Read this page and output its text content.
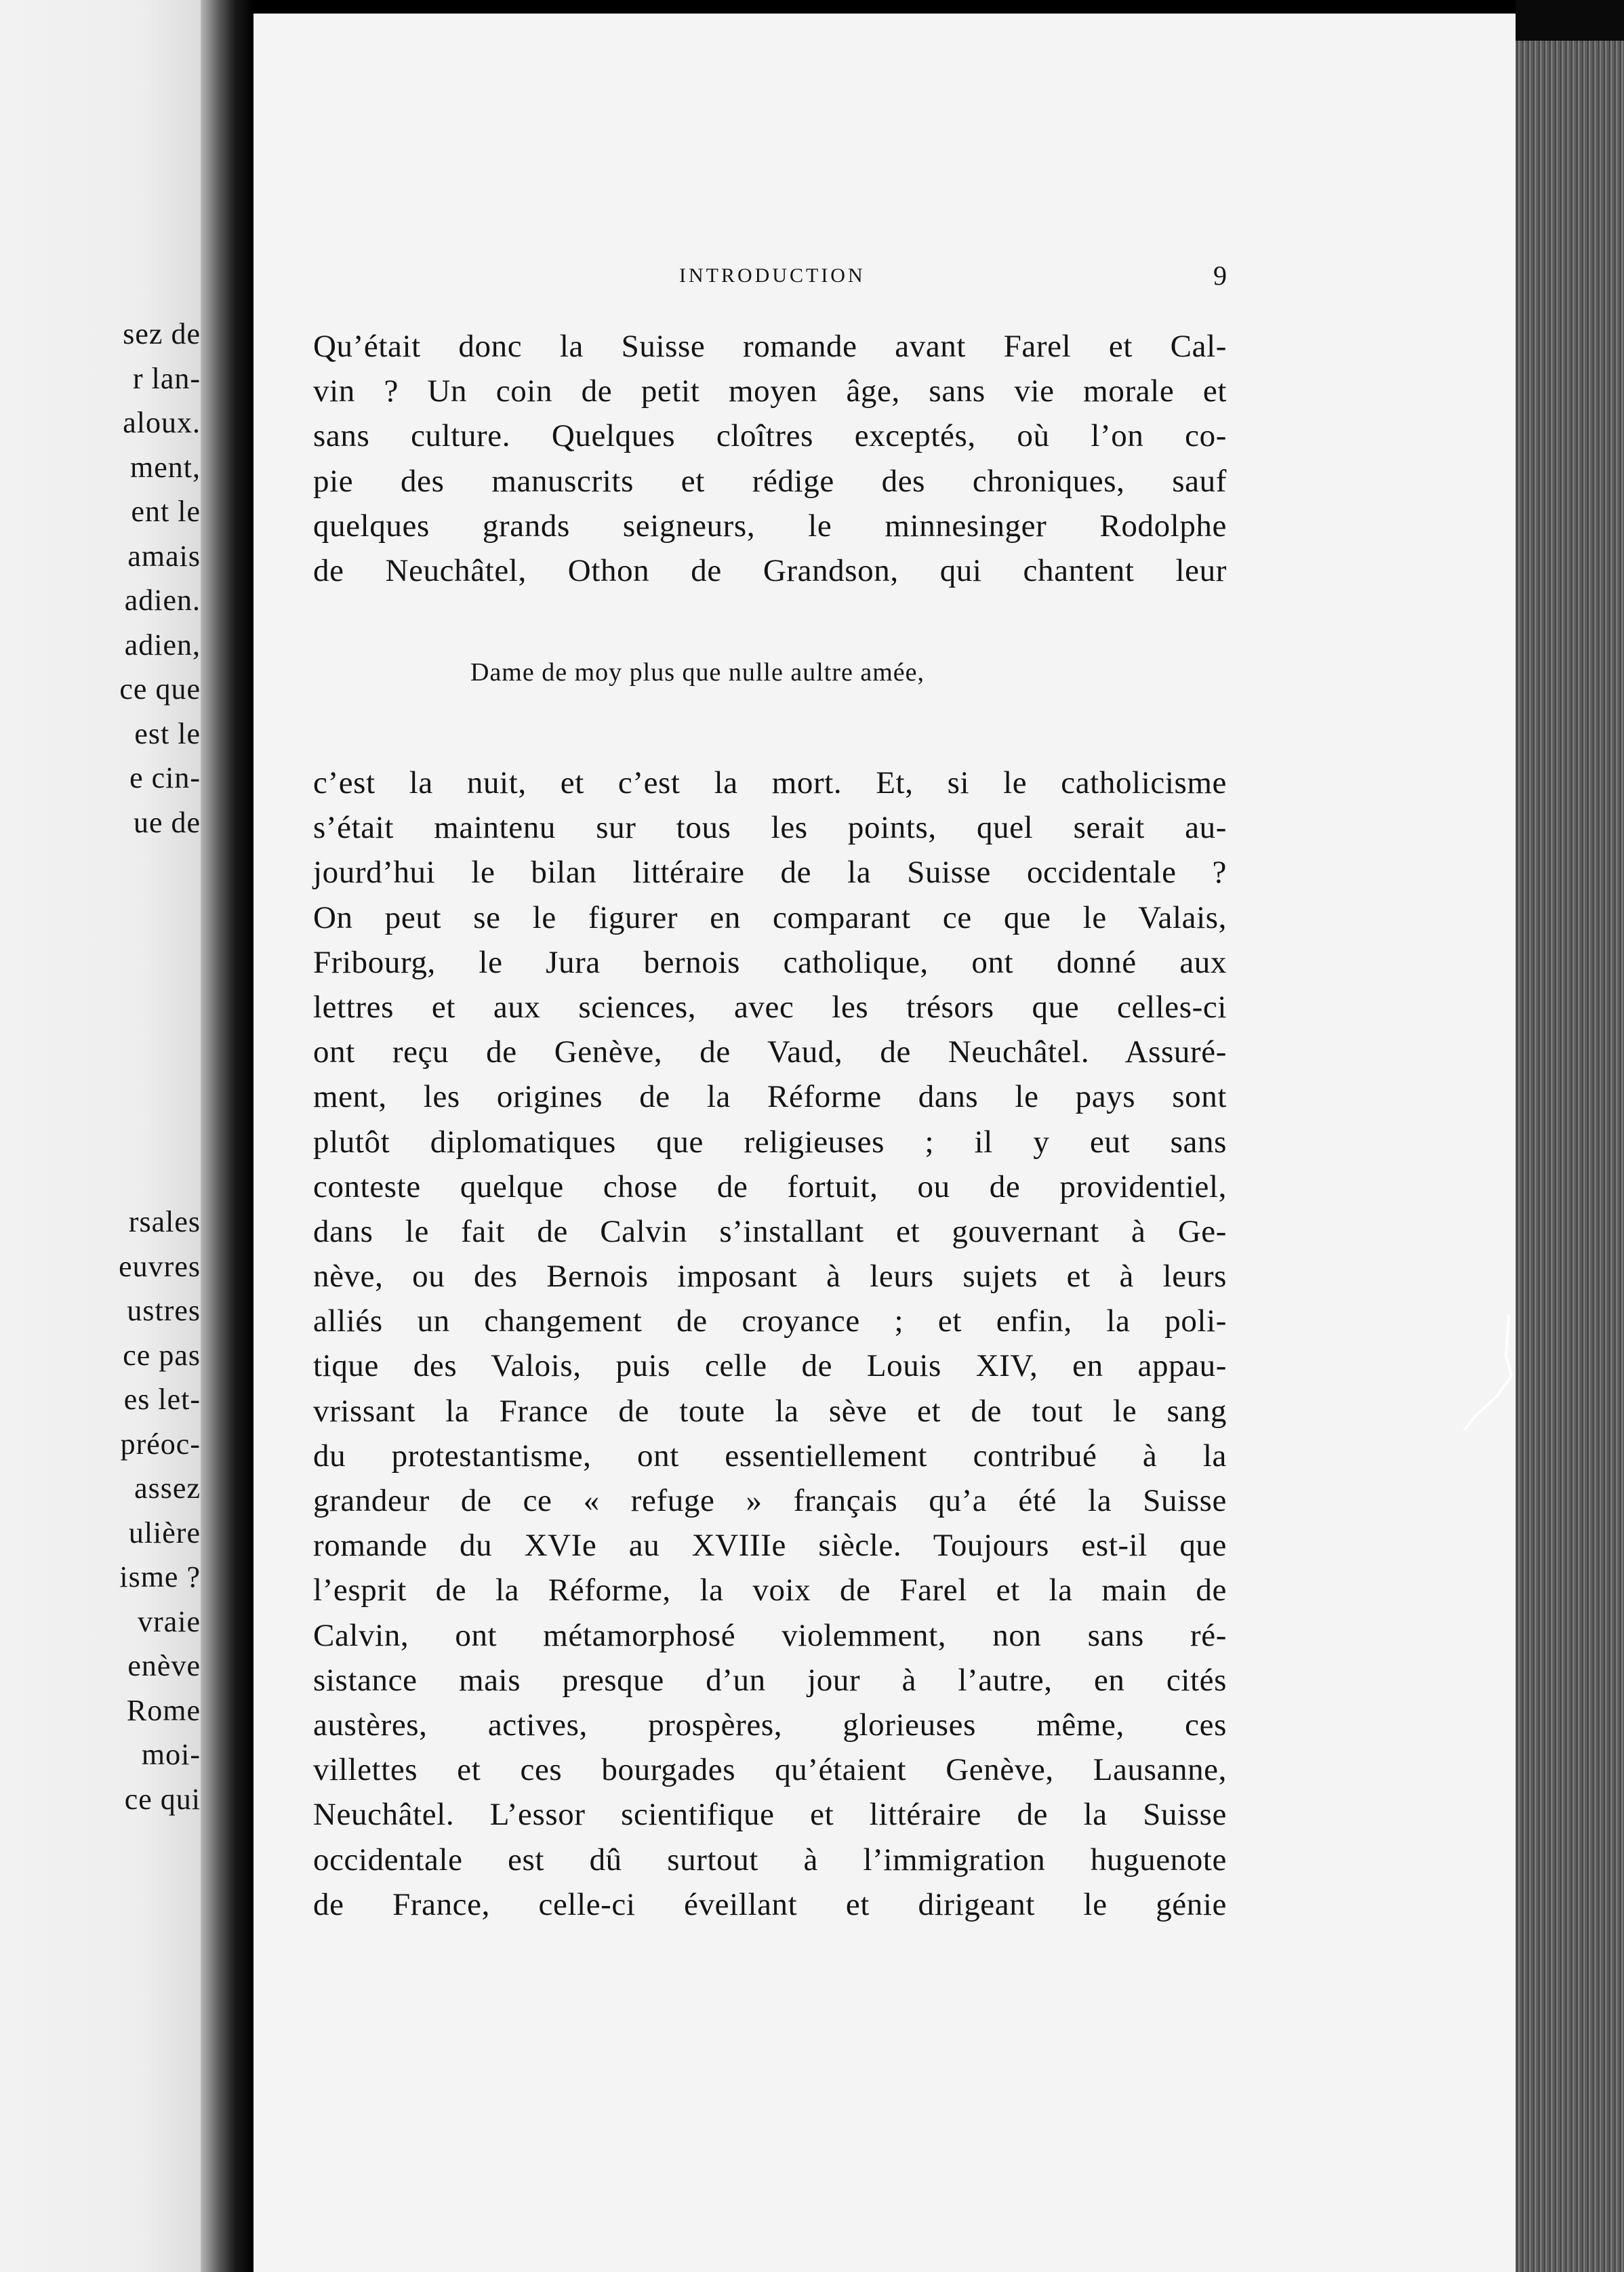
sez de
r lan-
aloux.
ment,
ent le
amais
adien.
adien,
ce que
est le
e cin-
ue de
rsales
euvres
ustres
ce pas
es let-
préoc-
assez
ulière
isme ?
vraie
enève
Rome
moi-
ce qui
INTRODUCTION	9
Qu’était donc la Suisse romande avant Farel et Cal-
vin ? Un coin de petit moyen âge, sans vie morale et
sans culture. Quelques cloîtres exceptés, où l’on co-
pie des manuscrits et rédige des chroniques, sauf
quelques grands seigneurs, le minnesinger Rodolphe
de Neuchâtel, Othon de Grandson, qui chantent leur
Dame de moy plus que nulle aultre amée,
c’est la nuit, et c’est la mort. Et, si le catholicisme
s’était maintenu sur tous les points, quel serait au-
jourd’hui le bilan littéraire de la Suisse occidentale ?
On peut se le figurer en comparant ce que le Valais,
Fribourg, le Jura bernois catholique, ont donné aux
lettres et aux sciences, avec les trésors que celles-ci
ont reçu de Genève, de Vaud, de Neuchâtel. Assuré-
ment, les origines de la Réforme dans le pays sont
plutôt diplomatiques que religieuses ; il y eut sans
conteste quelque chose de fortuit, ou de providentiel,
dans le fait de Calvin s’installant et gouvernant à Ge-
nève, ou des Bernois imposant à leurs sujets et à leurs
alliés un changement de croyance ; et enfin, la poli-
tique des Valois, puis celle de Louis XIV, en appau-
vrissant la France de toute la sève et de tout le sang
du protestantisme, ont essentiellement contribué à la
grandeur de ce « refuge » français qu’a été la Suisse
romande du XVIe au XVIIIe siècle. Toujours est-il que
l’esprit de la Réforme, la voix de Farel et la main de
Calvin, ont métamorphosé violemment, non sans ré-
sistance mais presque d’un jour à l’autre, en cités
austères, actives, prospères, glorieuses même, ces
villettes et ces bourgades qu’étaient Genève, Lausanne,
Neuchâtel. L’essor scientifique et littéraire de la Suisse
occidentale est dû surtout à l’immigration huguenote
de France, celle-ci éveillant et dirigeant le génie
